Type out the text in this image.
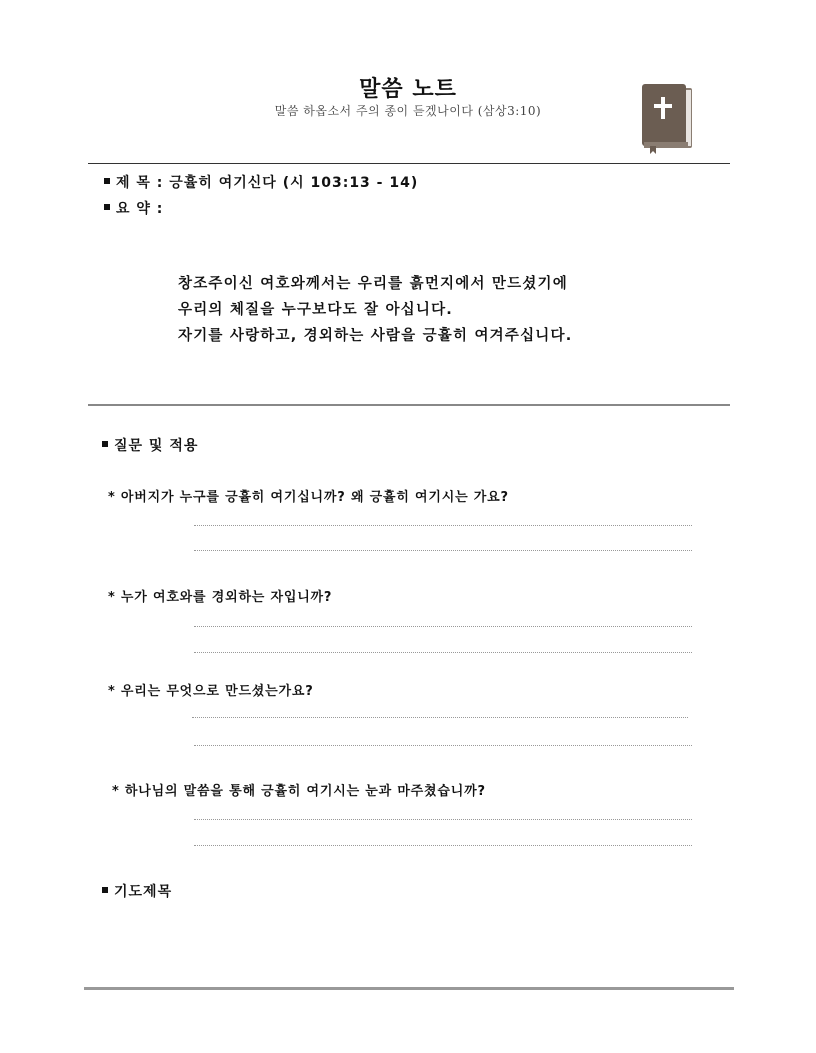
말씀 노트
말씀 하옵소서 주의 종이 듣겠나이다 (삼상3:10)
제 목 : 긍휼히 여기신다 (시 103:13 - 14)
요 약 :
창조주이신 여호와께서는 우리를 흙먼지에서 만드셨기에
우리의 체질을 누구보다도 잘 아십니다.
자기를 사랑하고, 경외하는 사람을 긍휼히 여겨주십니다.
질문 및 적용
* 아버지가 누구를 긍휼히 여기십니까? 왜 긍휼히 여기시는 가요?
* 누가 여호와를 경외하는 자입니까?
* 우리는 무엇으로 만드셨는가요?
* 하나님의 말씀을 통해 긍휼히 여기시는 눈과 마주쳤습니까?
기도제목
